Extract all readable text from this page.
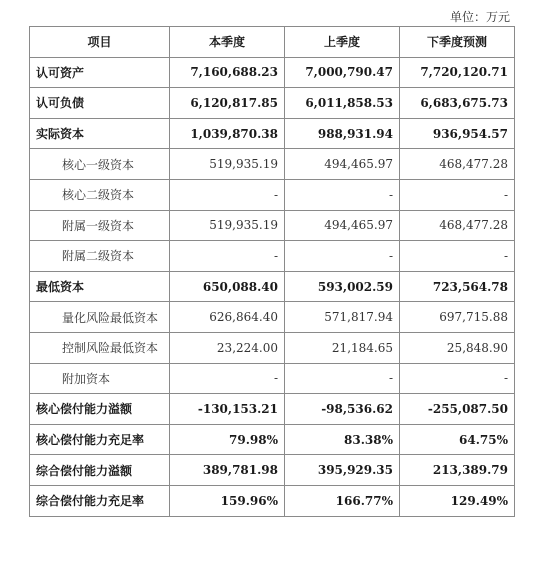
单位：万元
项目	本季度	上季度	下季度预测
认可资产	7,160,688.23	7,000,790.47	7,720,120.71
认可负债	6,120,817.85	6,011,858.53	6,683,675.73
实际资本	1,039,870.38	988,931.94	936,954.57
核心一级资本	519,935.19	494,465.97	468,477.28
核心二级资本	-	-	-
附属一级资本	519,935.19	494,465.97	468,477.28
附属二级资本	-	-	-
最低资本	650,088.40	593,002.59	723,564.78
量化风险最低资本	626,864.40	571,817.94	697,715.88
控制风险最低资本	23,224.00	21,184.65	25,848.90
附加资本	-	-	-
核心偿付能力溢额	-130,153.21	-98,536.62	-255,087.50
核心偿付能力充足率	79.98%	83.38%	64.75%
综合偿付能力溢额	389,781.98	395,929.35	213,389.79
综合偿付能力充足率	159.96%	166.77%	129.49%
